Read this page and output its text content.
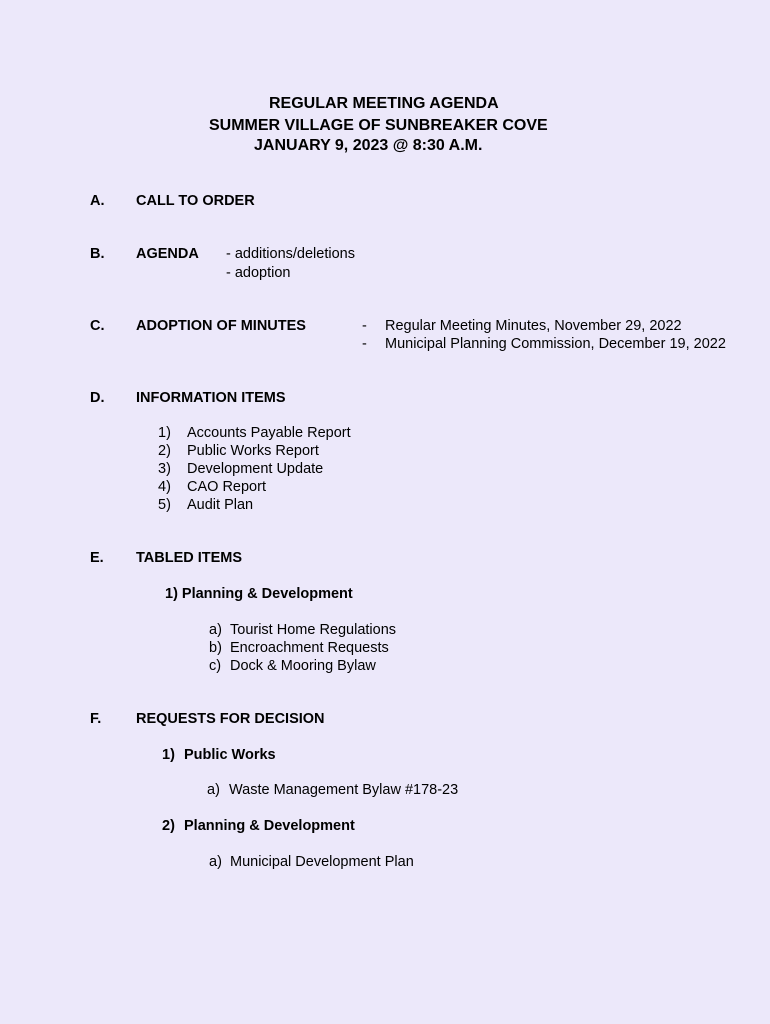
REGULAR MEETING AGENDA
SUMMER VILLAGE OF SUNBREAKER COVE
JANUARY 9, 2023 @ 8:30 A.M.
A. CALL TO ORDER
B. AGENDA - additions/deletions
- adoption
C. ADOPTION OF MINUTES	- Regular Meeting Minutes, November 29, 2022
- Municipal Planning Commission, December 19, 2022
D. INFORMATION ITEMS
1) Accounts Payable Report
2) Public Works Report
3) Development Update
4) CAO Report
5) Audit Plan
E. TABLED ITEMS
1) Planning & Development
a) Tourist Home Regulations
b) Encroachment Requests
c) Dock & Mooring Bylaw
F. REQUESTS FOR DECISION
1) Public Works
a) Waste Management Bylaw #178-23
2) Planning & Development
a) Municipal Development Plan
